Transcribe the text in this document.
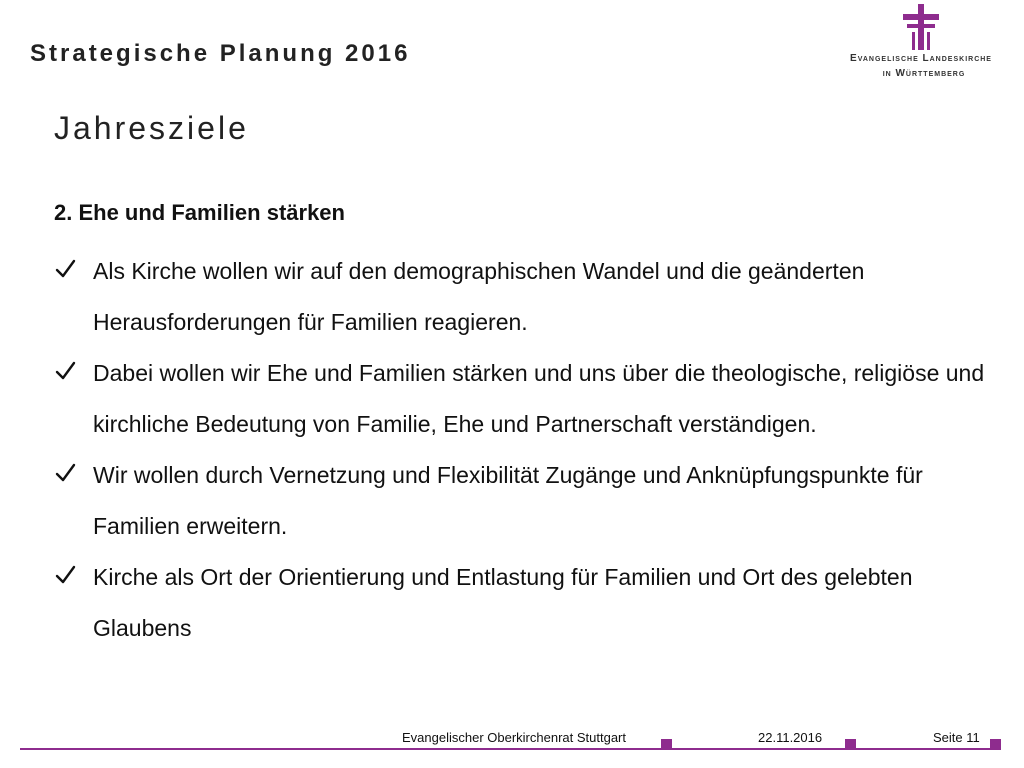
Strategische Planung 2016	Evangelische Landeskirche
in Württemberg
Jahresziele
2. Ehe und Familien stärken
Als Kirche wollen wir auf den demographischen Wandel und die geänderten Herausforderungen für Familien reagieren.
Dabei wollen wir Ehe und Familien stärken und uns über die theologische, religiöse und kirchliche Bedeutung von Familie, Ehe und Partnerschaft verständigen.
Wir wollen durch Vernetzung und Flexibilität Zugänge und Anknüpfungspunkte für Familien erweitern.
Kirche als Ort der Orientierung und Entlastung für Familien und Ort des gelebten Glaubens
Evangelischer Oberkirchenrat Stuttgart	22.11.2016	Seite 11
